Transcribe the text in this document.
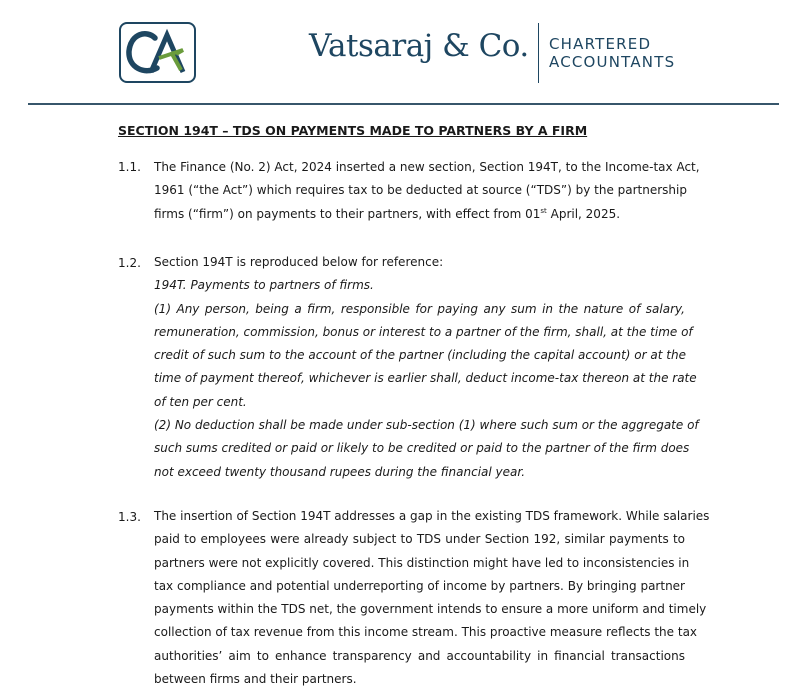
Vatsaraj & Co. CHARTERED
ACCOUNTANTS
SECTION 194T – TDS ON PAYMENTS MADE TO PARTNERS BY A FIRM
1.1. The Finance (No. 2) Act, 2024 inserted a new section, Section 194T, to the Income-tax Act,
1961 (“the Act”) which requires tax to be deducted at source (“TDS”) by the partnership
firms (“firm”) on payments to their partners, with effect from 01st April, 2025.
1.2. Section 194T is reproduced below for reference:
194T. Payments to partners of firms.
(1) Any person, being a firm, responsible for paying any sum in the nature of salary,
remuneration, commission, bonus or interest to a partner of the firm, shall, at the time of
credit of such sum to the account of the partner (including the capital account) or at the
time of payment thereof, whichever is earlier shall, deduct income-tax thereon at the rate
of ten per cent.
(2) No deduction shall be made under sub-section (1) where such sum or the aggregate of
such sums credited or paid or likely to be credited or paid to the partner of the firm does
not exceed twenty thousand rupees during the financial year.
1.3. The insertion of Section 194T addresses a gap in the existing TDS framework. While salaries
paid to employees were already subject to TDS under Section 192, similar payments to
partners were not explicitly covered. This distinction might have led to inconsistencies in
tax compliance and potential underreporting of income by partners. By bringing partner
payments within the TDS net, the government intends to ensure a more uniform and timely
collection of tax revenue from this income stream. This proactive measure reflects the tax
authorities’ aim to enhance transparency and accountability in financial transactions
between firms and their partners.
